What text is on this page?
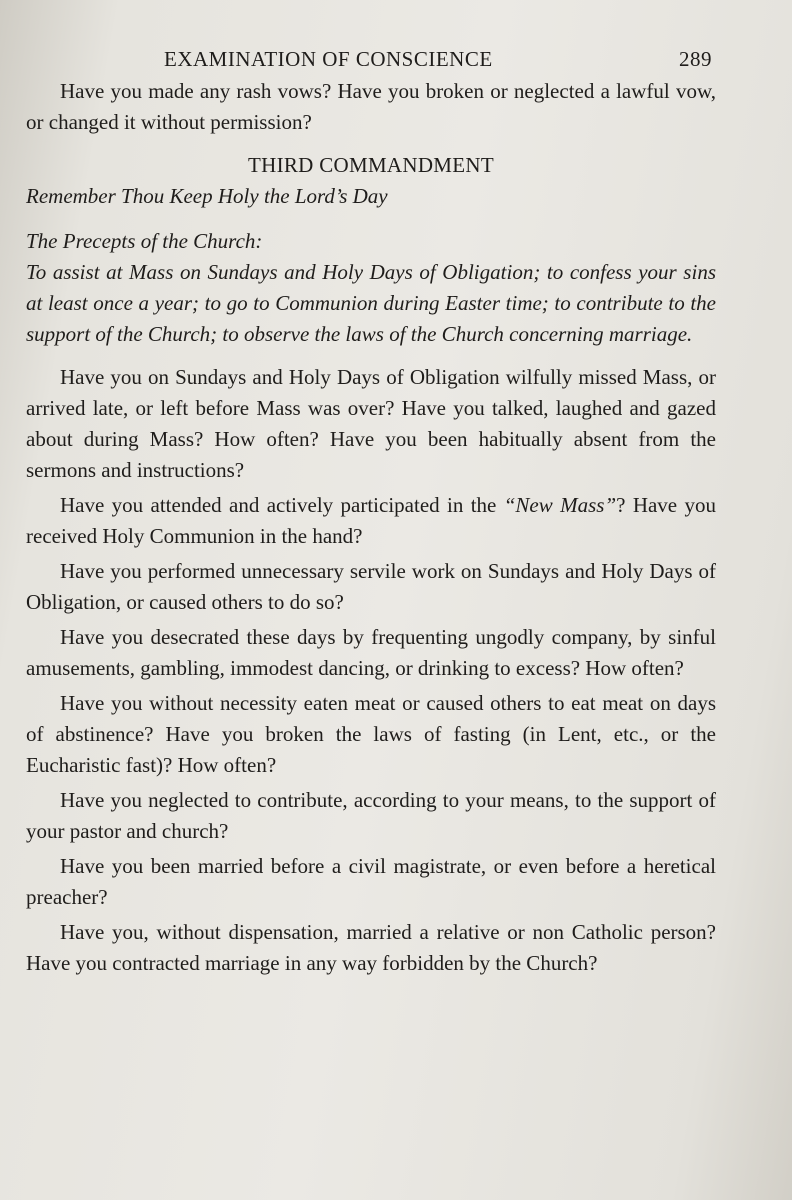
EXAMINATION OF CONSCIENCE	289

Have you made any rash vows? Have you broken or neglected a lawful vow, or changed it without permission?

THIRD COMMANDMENT

Remember Thou Keep Holy the Lord’s Day

The Precepts of the Church:

To assist at Mass on Sundays and Holy Days of Obligation; to confess your sins at least once a year; to go to Communion during Easter time; to contribute to the support of the Church; to observe the laws of the Church concerning marriage.

Have you on Sundays and Holy Days of Obligation wilfully missed Mass, or arrived late, or left before Mass was over? Have you talked, laughed and gazed about during Mass? How often? Have you been habitually absent from the sermons and instructions?

Have you attended and actively participated in the “New Mass”? Have you received Holy Communion in the hand?

Have you performed unnecessary servile work on Sundays and Holy Days of Obligation, or caused others to do so?

Have you desecrated these days by frequenting ungodly company, by sinful amusements, gambling, immodest dancing, or drinking to excess? How often?

Have you without necessity eaten meat or caused others to eat meat on days of abstinence? Have you broken the laws of fasting (in Lent, etc., or the Eucharistic fast)? How often?

Have you neglected to contribute, according to your means, to the support of your pastor and church?

Have you been married before a civil magistrate, or even before a heretical preacher?

Have you, without dispensation, married a relative or non Catholic person? Have you contracted marriage in any way forbidden by the Church?
